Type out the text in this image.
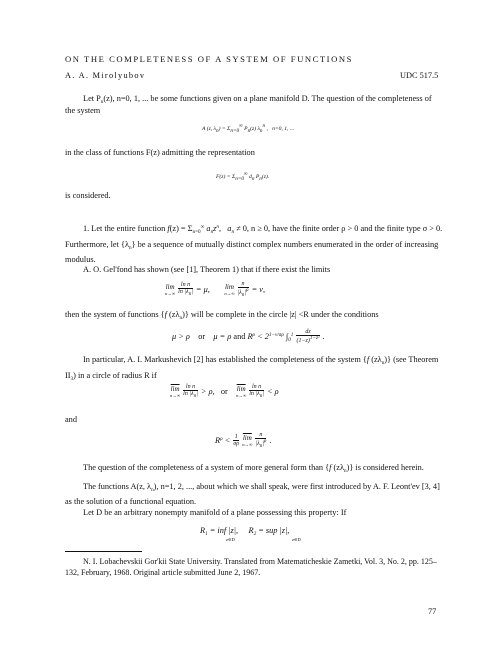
ON THE COMPLETENESS OF A SYSTEM OF FUNCTIONS
A. A. Mirolyubov	UDC 517.5
Let $P_n(z)$, n=0, 1, ... be some functions given on a plane manifold D. The question of the completeness of the system
A (z, λn) = Σn=0∞ Pn(z) λnn ,   n=0, 1, ...
in the class of functions F(z) admitting the representation
F(z) = Σn=0∞ dn Pn(z).
is considered.
1. Let the entire function $f(z) = \Sigma_{n=0}^\infty$ $a_nz^n$,   $a_n \ne 0$, n ≥ 0, have the finite order ρ > 0 and the finite type σ > 0. Furthermore, let $\{\lambda_n\}$ be a sequence of mutually distinct complex numbers enumerated in the order of increasing modulus.
A. O. Gel'fond has shown (see [1], Theorem 1) that if there exist the limits
lim
$n\to\infty \frac{\text{ln n}}{\ln |\lambda n|} = \mu$,       lim
$n\to\infty \frac{n}{|\lambda n|\rho} = \nu$,
then the system of functions {f $(z\lambda_n)$} will be complete in the circle |z| <R under the conditions
μ > ρ    or    μ = ρ and $R^\rho < 2^{1-\nu/\sigma\rho}$ $\int_0^1 \frac{dz}{\text{(1−z)1−z²}}$ .
In particular, A. I. Markushevich [2] has established the completeness of the system {f $(z\lambda_n)$} (see Theorem $II_3$) in a circle of radius R if
$\overline{lim}$
$n\to\infty \frac{\text{ln n}}{\ln |\lambda n|} > \rho$,   or $\overline{lim}$
$n\to\infty \frac{\text{ln n}}{\ln |\lambda n|} < \rho$
and
$R^\rho < \frac{1}{\sigma\rho} \overline{lim}$
$n\to\infty \frac{n}{|\lambda n|\rho}$ .
The question of the completeness of a system of more general form than {f $(z\lambda_n)$} is considered herein.
The functions A(z, $\lambda_n$), n=1, 2, ..., about which we shall speak, were first introduced by A. F. Leont'ev [3, 4] as the solution of a functional equation.
Let D be an arbitrary nonempty manifold of a plane possessing this property: If
$R_1$ = inf |z|,     $R_2$ = sup |z|,
z∈D	z∈D
N. I. Lobachevskii Gor'kii State University. Translated from Matematicheskie Zametki, Vol. 3, No. 2, pp. 125–132, February, 1968. Original article submitted June 2, 1967.
77
